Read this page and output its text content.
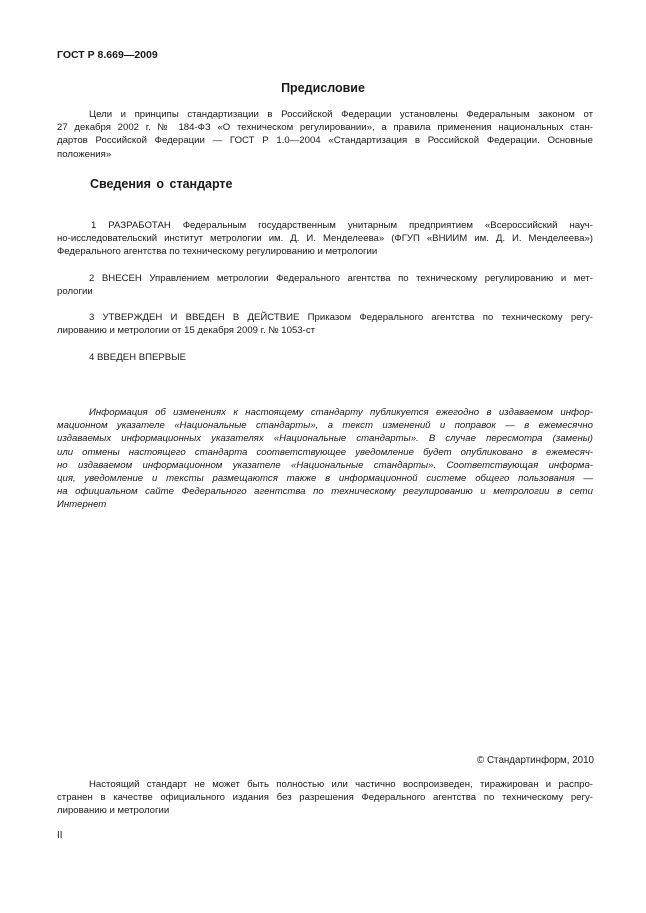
ГОСТ Р 8.669—2009
Предисловие
Цели и принципы стандартизации в Российской Федерации установлены Федеральным законом от
27 декабря 2002 г. № 184-ФЗ «О техническом регулировании», а правила применения национальных стан-
дартов Российской Федерации — ГОСТ Р 1.0—2004 «Стандартизация в Российской Федерации. Основные
положения»
Сведения о стандарте
1 РАЗРАБОТАН Федеральным государственным унитарным предприятием «Всероссийский науч-
но-исследовательский институт метрологии им. Д. И. Менделеева» (ФГУП «ВНИИМ им. Д. И. Менделеева»)
Федерального агентства по техническому регулированию и метрологии
2 ВНЕСЕН Управлением метрологии Федерального агентства по техническому регулированию и мет-
рологии
3 УТВЕРЖДЕН И ВВЕДЕН В ДЕЙСТВИЕ Приказом Федерального агентства по техническому регу-
лированию и метрологии от 15 декабря 2009 г. № 1053-ст
4 ВВЕДЕН ВПЕРВЫЕ
Информация об изменениях к настоящему стандарту публикуется ежегодно в издаваемом инфор-
мационном указателе «Национальные стандарты», а текст изменений и поправок — в ежемесячно
издаваемых информационных указателях «Национальные стандарты». В случае пересмотра (замены)
или отмены настоящего стандарта соответствующее уведомление будет опубликовано в ежемесяч-
но издаваемом информационном указателе «Национальные стандарты». Соответствующая информа-
ция, уведомление и тексты размещаются также в информационной системе общего пользования —
на официальном сайте Федерального агентства по техническому регулированию и метрологии в сети
Интернет
© Стандартинформ, 2010
Настоящий стандарт не может быть полностью или частично воспроизведен, тиражирован и распро-
странен в качестве официального издания без разрешения Федерального агентства по техническому регу-
лированию и метрологии
II
